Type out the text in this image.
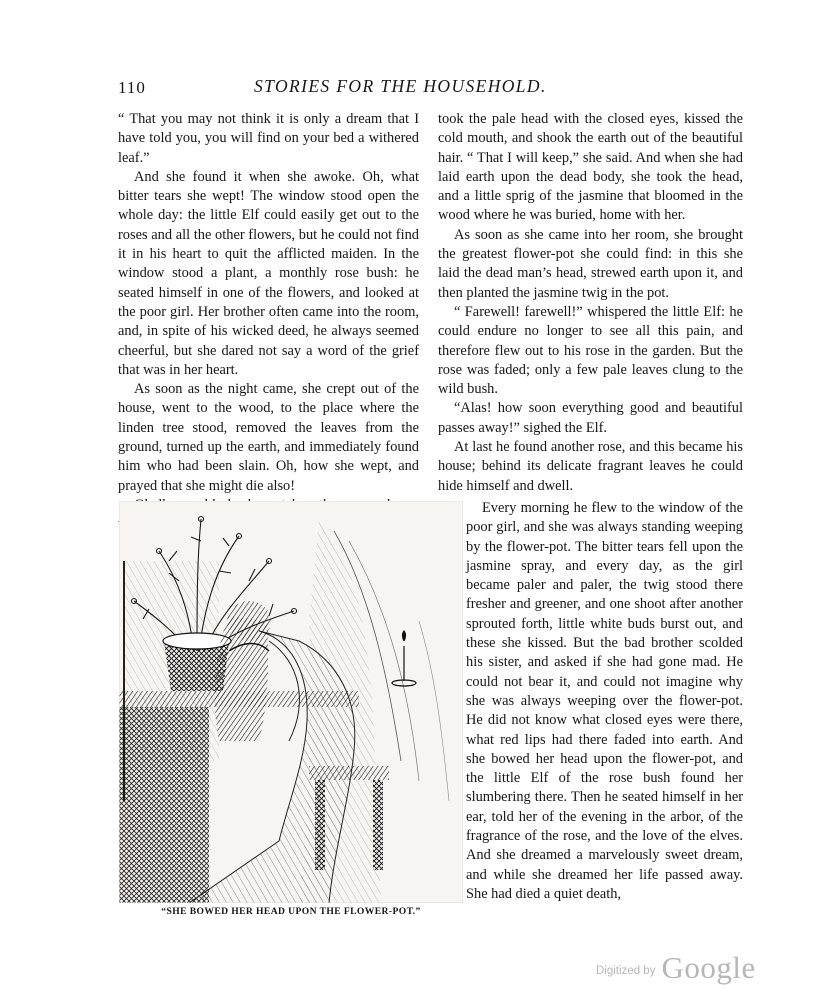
110	STORIES FOR THE HOUSEHOLD.

“ That you may not think it is only a dream that I have told you, you will find on your bed a withered leaf.”

And she found it when she awoke. Oh, what bitter tears she wept! The window stood open the whole day: the little Elf could easily get out to the roses and all the other flowers, but he could not find it in his heart to quit the afflicted maiden. In the window stood a plant, a monthly rose bush: he seated himself in one of the flowers, and looked at the poor girl. Her brother often came into the room, and, in spite of his wicked deed, he always seemed cheerful, but she dared not say a word of the grief that was in her heart.

As soon as the night came, she crept out of the house, went to the wood, to the place where the linden tree stood, removed the leaves from the ground, turned up the earth, and immediately found him who had been slain. Oh, how she wept, and prayed that she might die also!

took the pale head with the closed eyes, kissed the cold mouth, and shook the earth out of the beautiful hair. “ That I will keep,” she said. And when she had laid earth upon the dead body, she took the head, and a little sprig of the jasmine that bloomed in the wood where he was buried, home with her.

As soon as she came into her room, she brought the greatest flower-pot she could find: in this she laid the dead man’s head, strewed earth upon it, and then planted the jasmine twig in the pot.

“ Farewell! farewell!” whispered the little Elf: he could endure no longer to see all this pain, and therefore flew out to his rose in the garden. But the rose was faded; only a few pale leaves clung to the wild bush.

“Alas! how soon everything good and beautiful passes away!” sighed the Elf.

At last he found another rose, and this became his house; behind its delicate fragrant leaves he could hide himself and dwell.

Every morning he flew to the window of the poor girl, and she was always standing weeping by the flower-pot. The bitter tears fell upon the jasmine spray, and every day, as the girl became paler and paler, the twig stood there fresher and greener, and one shoot after another sprouted forth, little white buds burst out, and these she kissed. But the bad brother scolded his sister, and asked if she had gone mad. He could not bear it, and could not imagine why she was always weeping over the flower-pot. He did not know what closed eyes were there, what red lips had there faded into earth. And she bowed her head upon the flower-pot, and the little Elf of the rose bush found her slumbering there. Then he seated himself in her ear, told her of the evening in the arbor, of the fragrance of the rose, and the love of the elves. And she dreamed a marvelously sweet dream, and while she dreamed her life passed away. She had died a quiet death,

“SHE BOWED HER HEAD UPON THE FLOWER-POT.”
$^{Digitized by}$ Google
